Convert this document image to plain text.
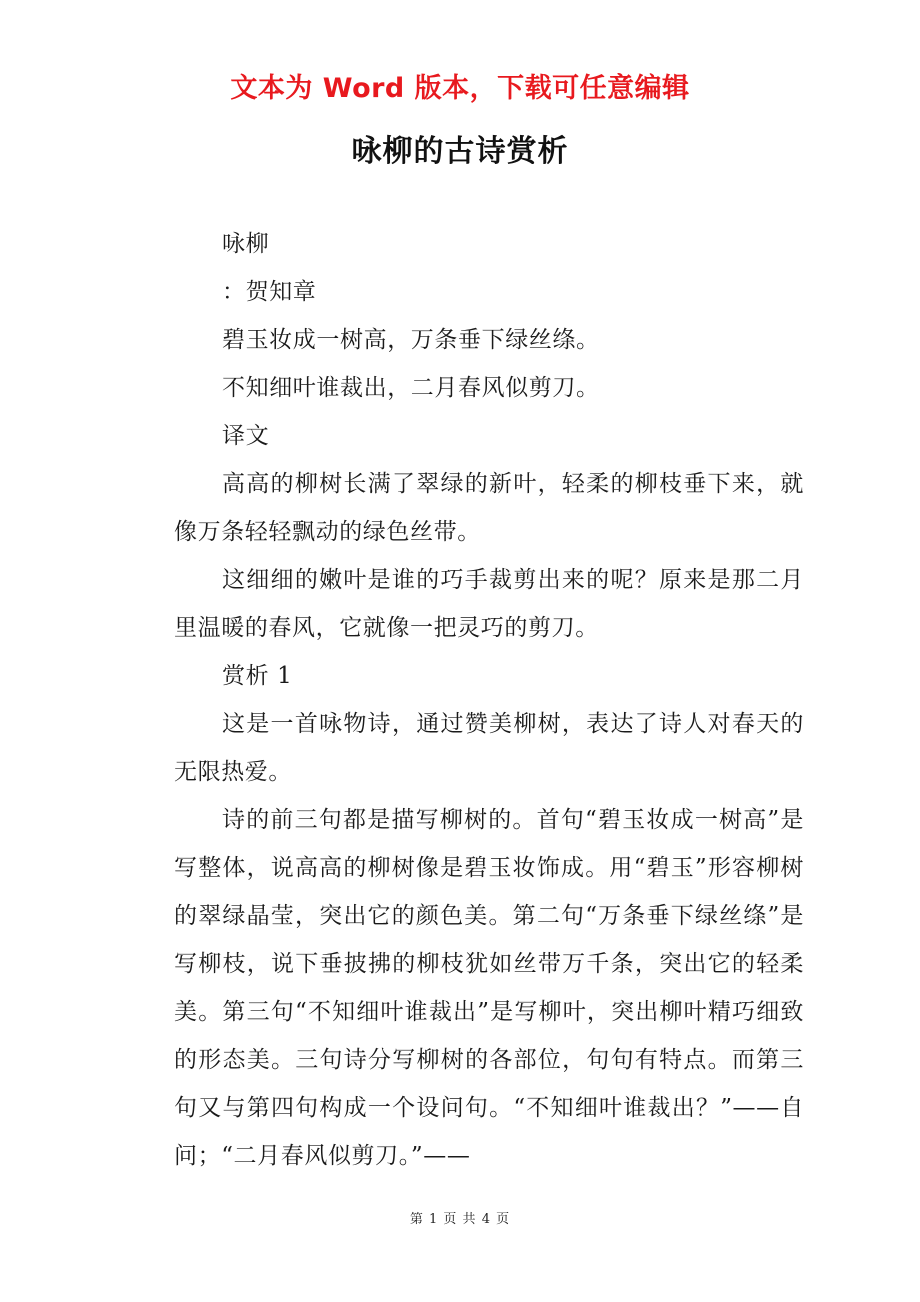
文本为 Word 版本，下载可任意编辑
咏柳的古诗赏析

咏柳

：贺知章

碧玉妆成一树高，万条垂下绿丝绦。

不知细叶谁裁出，二月春风似剪刀。

译文

高高的柳树长满了翠绿的新叶，轻柔的柳枝垂下来，就像万条轻轻飘动的绿色丝带。

这细细的嫩叶是谁的巧手裁剪出来的呢？原来是那二月里温暖的春风，它就像一把灵巧的剪刀。

赏析 1

这是一首咏物诗，通过赞美柳树，表达了诗人对春天的无限热爱。

诗的前三句都是描写柳树的。首句“碧玉妆成一树高”是写整体，说高高的柳树像是碧玉妆饰成。用“碧玉”形容柳树的翠绿晶莹，突出它的颜色美。第二句“万条垂下绿丝绦”是写柳枝，说下垂披拂的柳枝犹如丝带万千条，突出它的轻柔美。第三句“不知细叶谁裁出”是写柳叶，突出柳叶精巧细致的形态美。三句诗分写柳树的各部位，句句有特点。而第三句又与第四句构成一个设问句。“不知细叶谁裁出？”——自问；“二月春风似剪刀。”——

第 1 页 共 4 页
